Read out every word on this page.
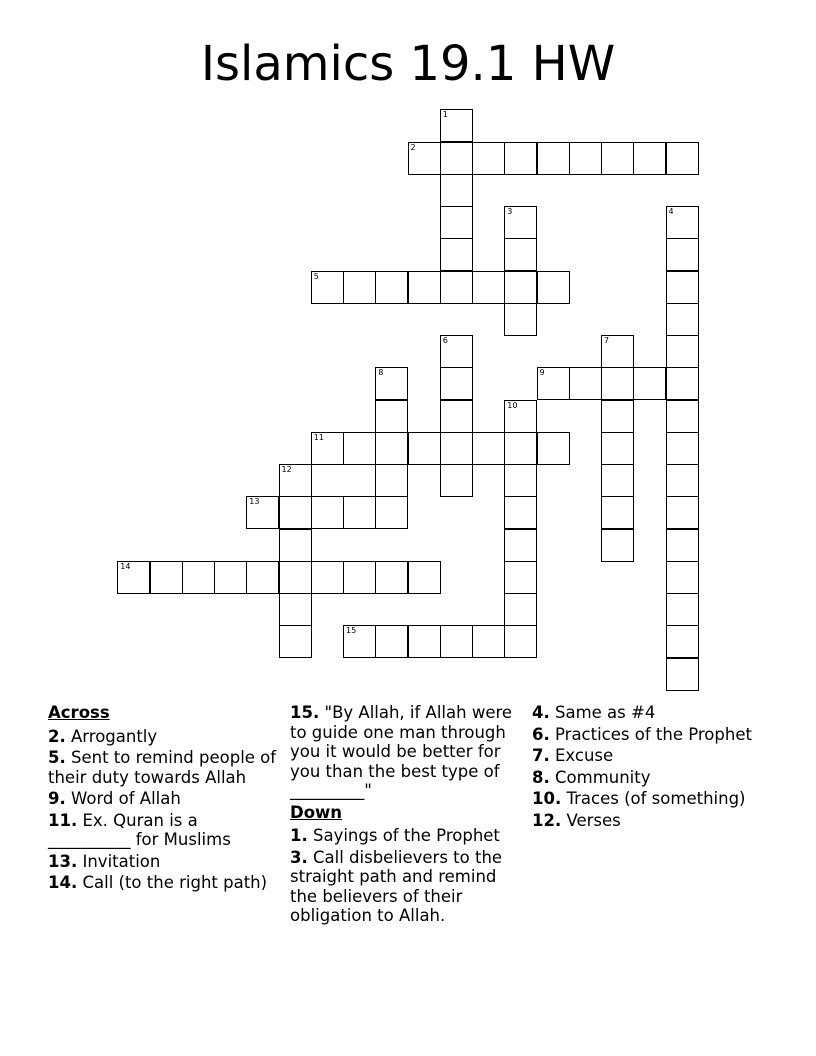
Islamics 19.1 HW
1
2
3	4
5
6	7
8	9
10
11
12
13
14
15
Across
2. Arrogantly
5. Sent to remind people of their duty towards Allah
9. Word of Allah
11. Ex. Quran is a __________ for Muslims
13. Invitation
14. Call (to the right path)
15. "By Allah, if Allah were to guide one man through you it would be better for you than the best type of _________"
Down
1. Sayings of the Prophet
3. Call disbelievers to the straight path and remind the believers of their obligation to Allah.
4. Same as #4
6. Practices of the Prophet
7. Excuse
8. Community
10. Traces (of something)
12. Verses
